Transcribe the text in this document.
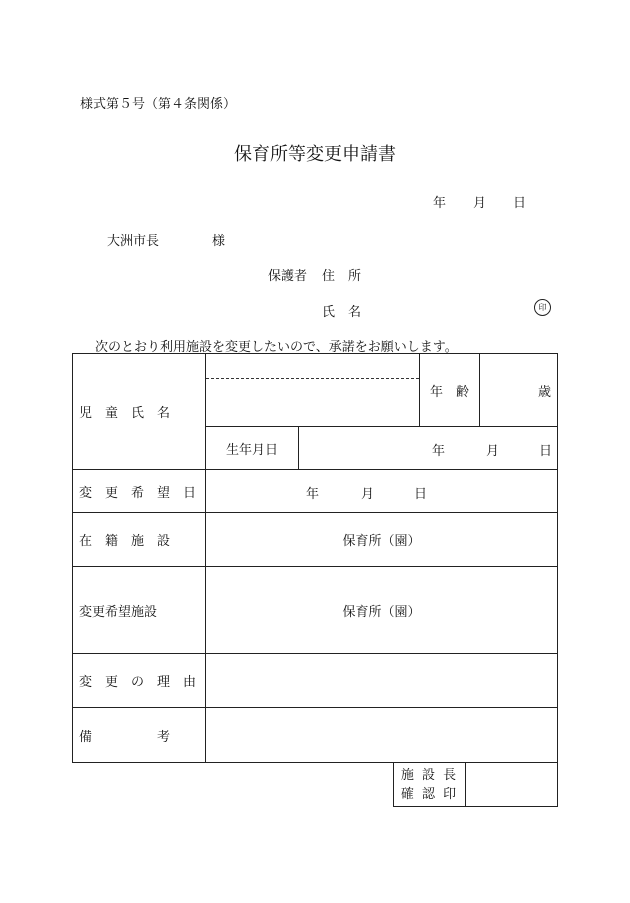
様式第５号（第４条関係）
保育所等変更申請書
年 月 日
大洲市長	様
保護者 住　所
氏　名	印
次のとおり利用施設を変更したいので、承諾をお願いします。
児　童　氏　名			年　齢	歳
	生年月日	年 月 日		

変　更　希　望　日	年 月 日			

在　籍　施　設	保育所（園）			
変更希望施設	保育所（園）			
変　更　の　理　由				
備　　　　　考				
施 設 長
確 認 印
